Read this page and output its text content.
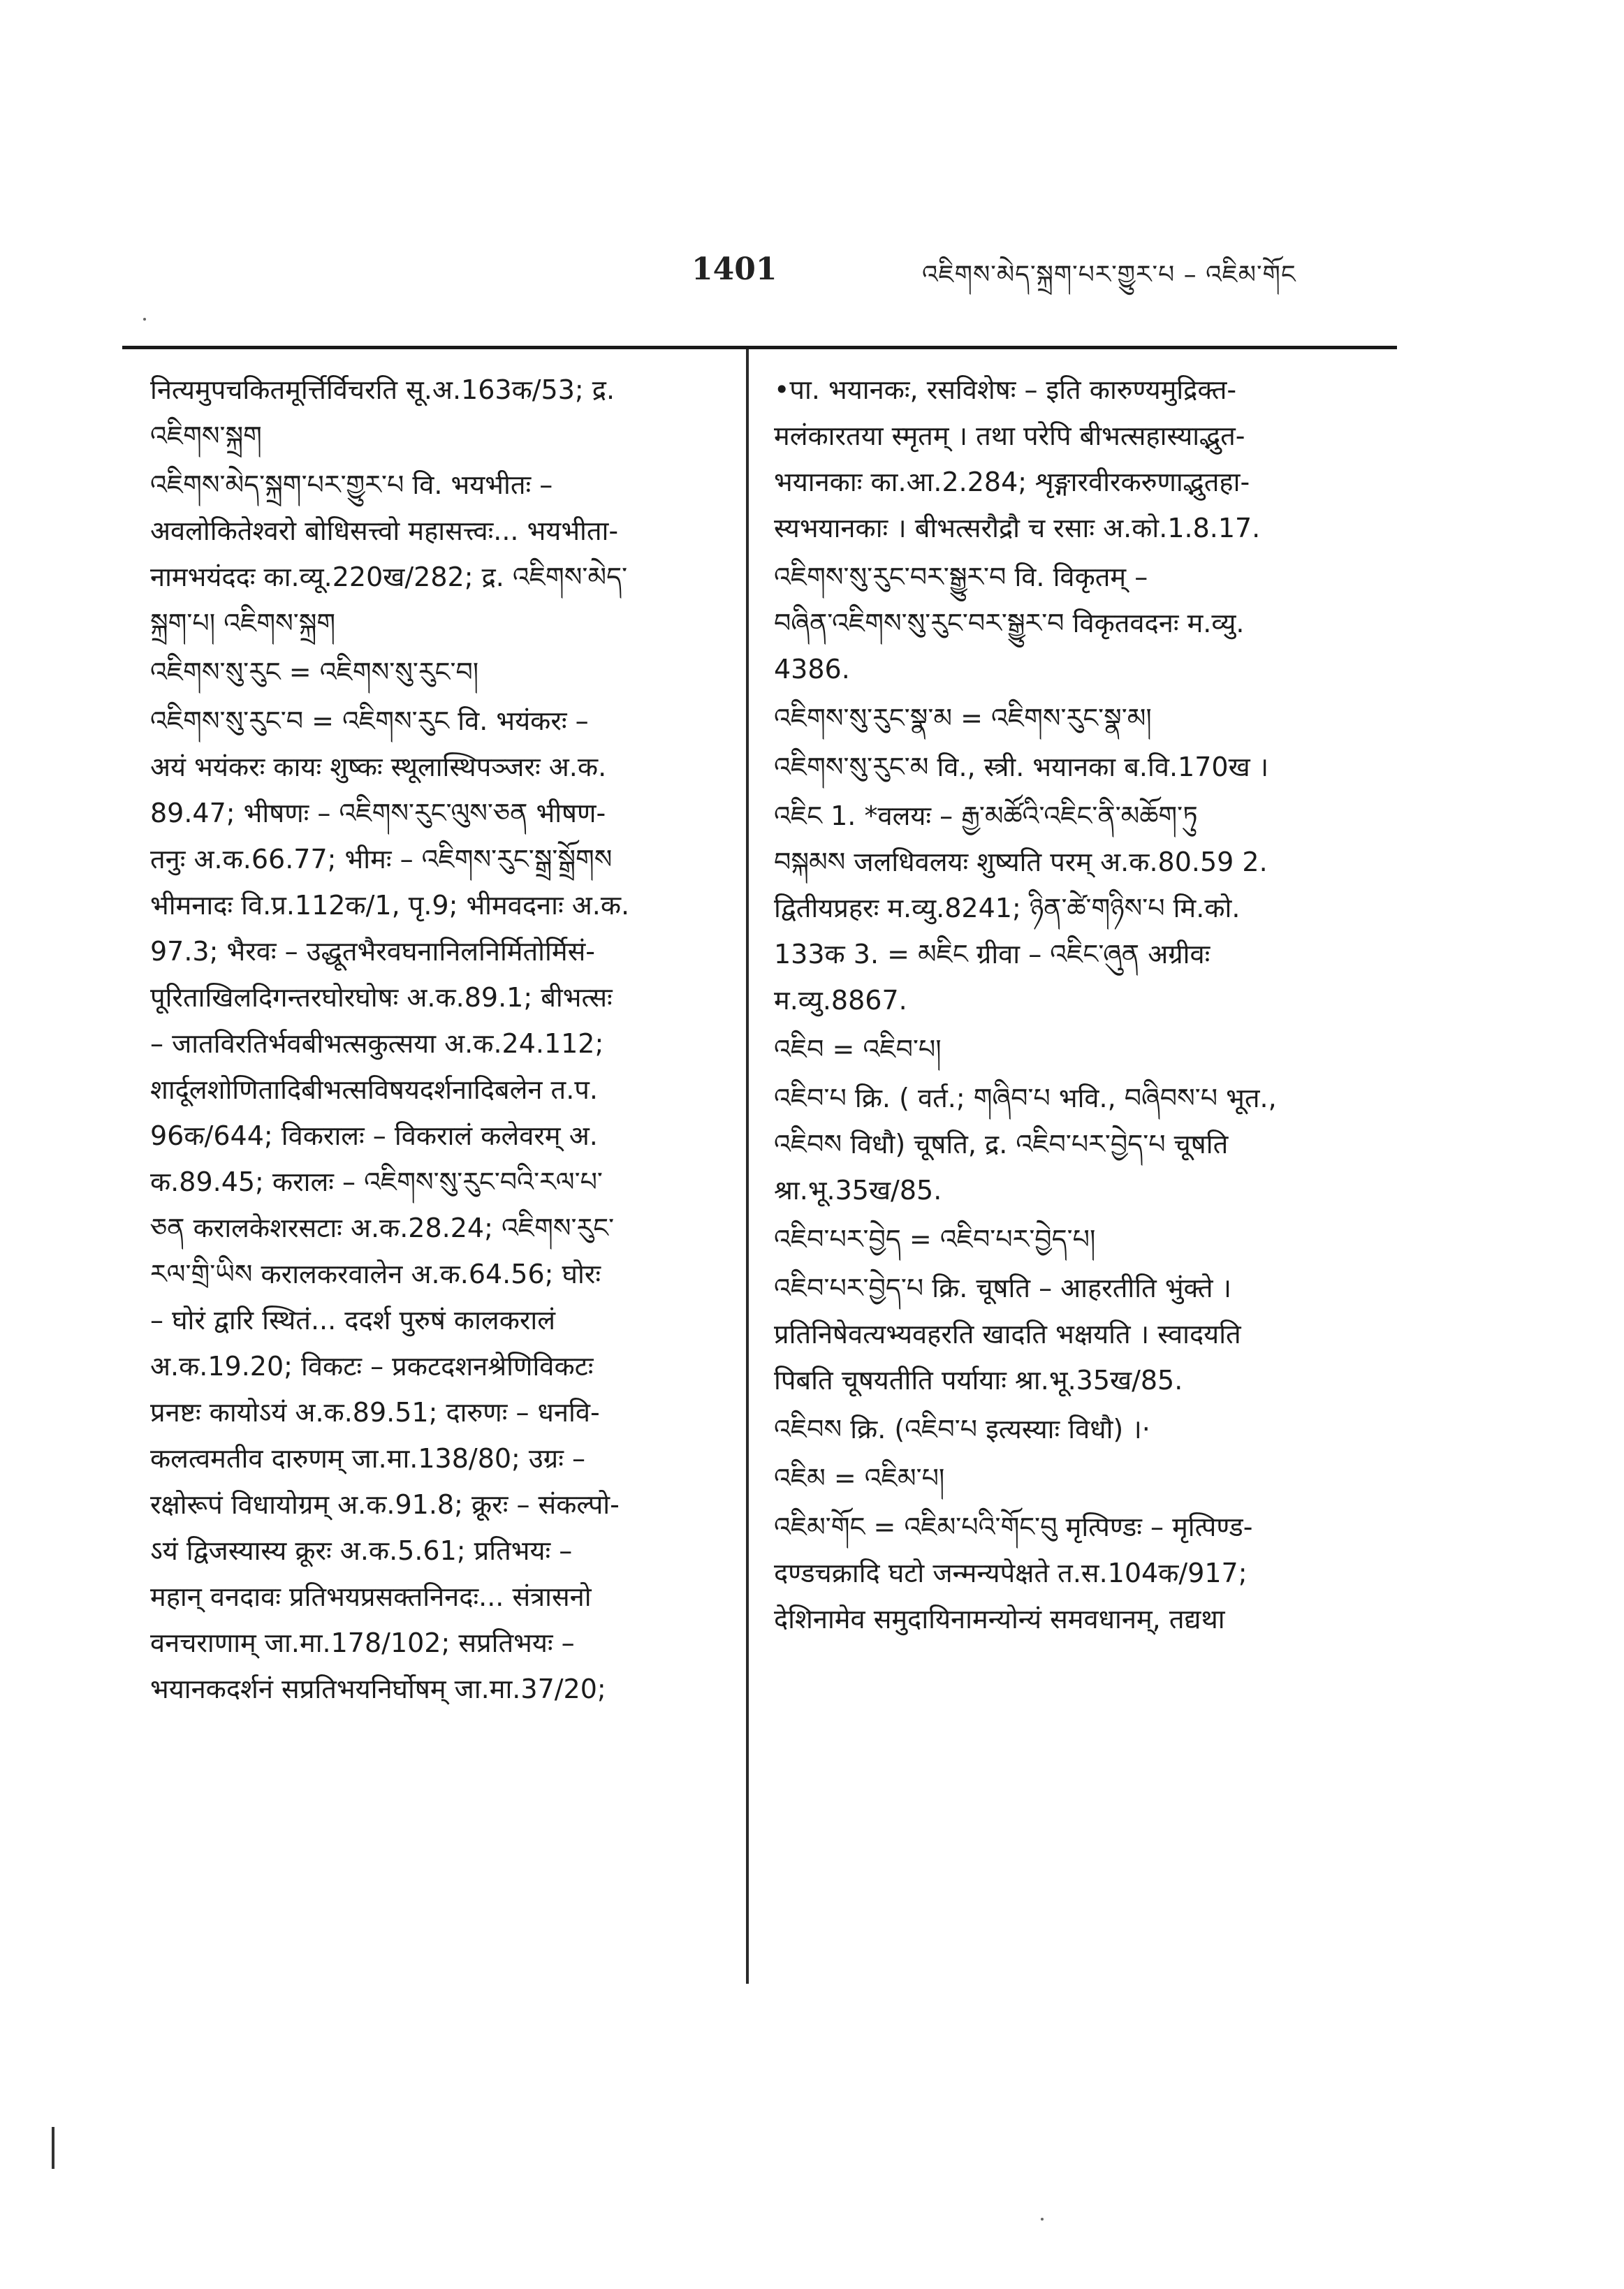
1401	འཇིགས་མེད་སྐྲག་པར་གྱུར་པ – འཇིམ་གོང
नित्यमुपचकितमूर्त्तिर्विचरति सू.अ.163क/53; द्र.
འཇིགས་སྐྲག
འཇིགས་མེད་སྐྲག་པར་གྱུར་པ वि. भयभीतः –
अवलोकितेश्वरो बोधिसत्त्वो महासत्त्वः... भयभीता-
नामभयंददः का.व्यू.220ख/282; द्र. འཇིགས་མེད་
སྐྲག་པ། འཇིགས་སྐྲག
འཇིགས་སུ་རུང = འཇིགས་སུ་རུང་བ།
འཇིགས་སུ་རུང་བ = འཇིགས་རུང वि. भयंकरः –
अयं भयंकरः कायः शुष्कः स्थूलास्थिपञ्जरः अ.क.
89.47; भीषणः – འཇིགས་རུང་ལུས་ཅན भीषण-
तनुः अ.क.66.77; भीमः – འཇིགས་རུང་སྒྲ་སྒྲོགས
भीमनादः वि.प्र.112क/1, पृ.9; भीमवदनाः अ.क.
97.3; भैरवः – उद्धूतभैरवघनानिलनिर्मितोर्मिसं-
पूरिताखिलदिगन्तरघोरघोषः अ.क.89.1; बीभत्सः
– जातविरतिर्भवबीभत्सकुत्सया अ.क.24.112;
शार्दूलशोणितादिबीभत्सविषयदर्शनादिबलेन त.प.
96क/644; विकरालः – विकरालं कलेवरम् अ.
क.89.45; करालः – འཇིགས་སུ་རུང་བའི་རལ་པ་
ཅན करालकेशरसटाः अ.क.28.24; འཇིགས་རུང་
རལ་གྲི་ཡིས करालकरवालेन अ.क.64.56; घोरः
– घोरं द्वारि स्थितं... ददर्श पुरुषं कालकरालं
अ.क.19.20; विकटः – प्रकटदशनश्रेणिविकटः
प्रनष्टः कायोऽयं अ.क.89.51; दारुणः – धनवि-
कलत्वमतीव दारुणम् जा.मा.138/80; उग्रः –
रक्षोरूपं विधायोग्रम् अ.क.91.8; क्रूरः – संकल्पो-
ऽयं द्विजस्यास्य क्रूरः अ.क.5.61; प्रतिभयः –
महान् वनदावः प्रतिभयप्रसक्तनिनदः... संत्रासनो
वनचराणाम् जा.मा.178/102; सप्रतिभयः –
भयानकदर्शनं सप्रतिभयनिर्घोषम् जा.मा.37/20;
•पा. भयानकः, रसविशेषः – इति कारुण्यमुद्रिक्त-
मलंकारतया स्मृतम् । तथा परेपि बीभत्सहास्याद्भुत-
भयानकाः का.आ.2.284; शृङ्गारवीरकरुणाद्भुतहा-
स्यभयानकाः । बीभत्सरौद्रौ च रसाः अ.को.1.8.17.
འཇིགས་སུ་རུང་བར་སྒྱུར་བ वि. विकृतम् –
བཞིན་འཇིགས་སུ་རུང་བར་སྒྱུར་བ विकृतवदनः म.व्यु.
4386.
འཇིགས་སུ་རུང་སྣ་མ = འཇིགས་རུང་སྣ་མ།
འཇིགས་སུ་རུང་མ वि., स्त्री. भयानका ब.वि.170ख ।
འཇིང 1. *वलयः – རྒྱ་མཚོའི་འཇིང་ནི་མཆོག་ཏུ
བསྐམས जलधिवलयः शुष्यति परम् अ.क.80.59 2.
द्वितीयप्रहरः म.व्यु.8241; ཉིན་ཚེ་གཉིས་པ मि.को.
133क 3. = མཇིང ग्रीवा – འཇིང་ཞུན अग्रीवः
म.व्यु.8867.
འཇིབ = འཇིབ་པ།
འཇིབ་པ क्रि. ( वर्त.; གཞིབ་པ भवि., བཞིབས་པ भूत.,
འཇིབས विधौ) चूषति, द्र. འཇིབ་པར་བྱེད་པ चूषति
श्रा.भू.35ख/85.
འཇིབ་པར་བྱེད = འཇིབ་པར་བྱེད་པ།
འཇིབ་པར་བྱེད་པ क्रि. चूषति – आहरतीति भुंक्ते ।
प्रतिनिषेवत्यभ्यवहरति खादति भक्षयति । स्वादयति
पिबति चूषयतीति पर्यायाः श्रा.भू.35ख/85.
འཇིབས क्रि. (འཇིབ་པ इत्यस्याः विधौ) ।·
འཇིམ = འཇིམ་པ།
འཇིམ་གོང = འཇིམ་པའི་གོང་བུ मृत्पिण्डः – मृत्पिण्ड-
दण्डचक्रादि घटो जन्मन्यपेक्षते त.स.104क/917;
देशिनामेव समुदायिनामन्योन्यं समवधानम्, तद्यथा
